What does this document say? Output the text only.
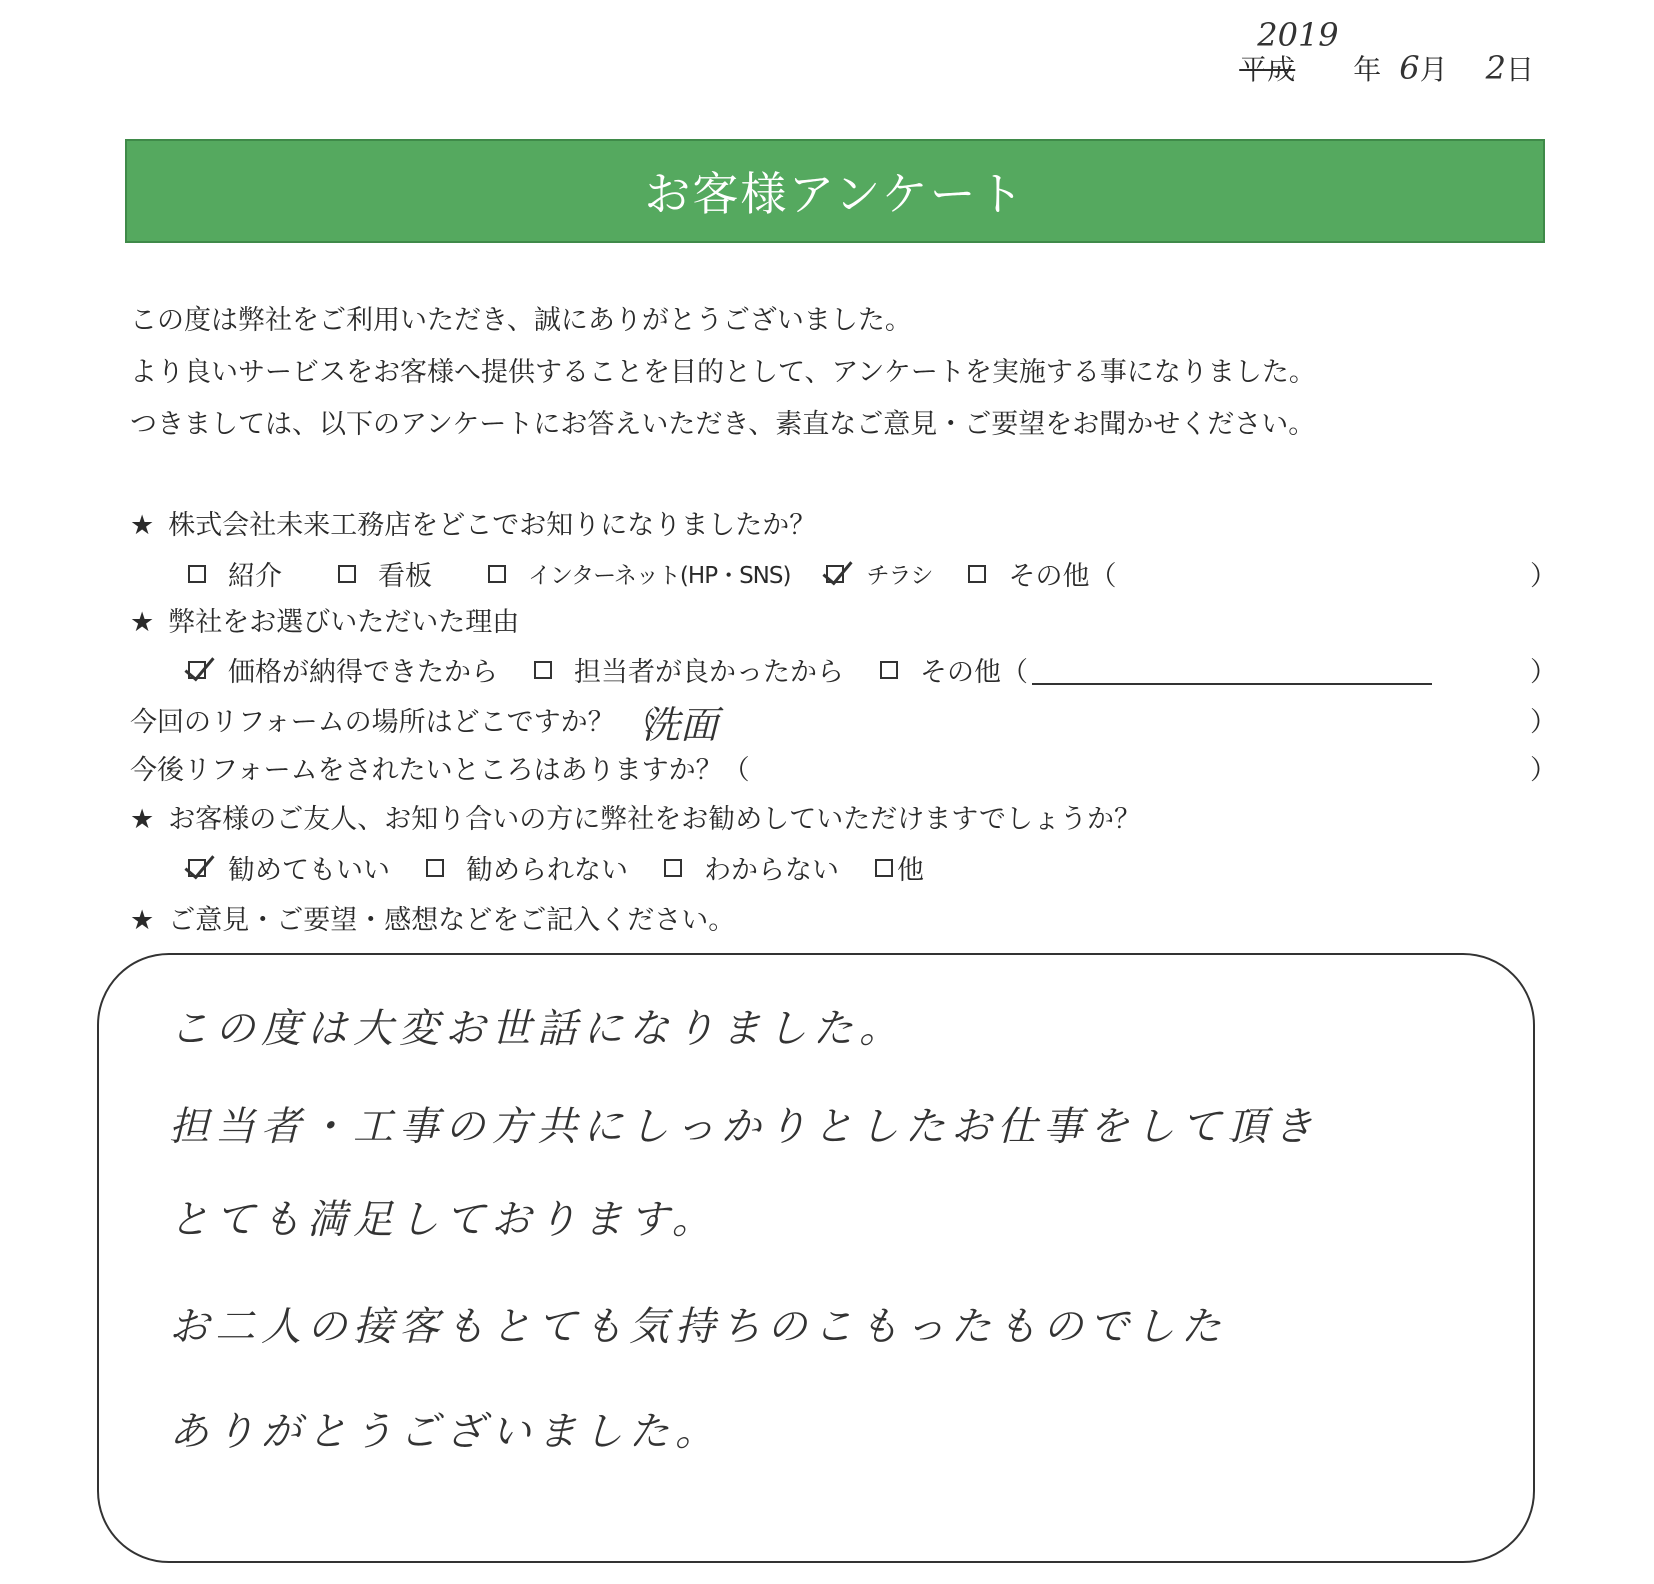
平成
2019
年 6 月 2 日
お客様アンケート
この度は弊社をご利用いただき、誠にありがとうございました。
より良いサービスをお客様へ提供することを目的として、アンケートを実施する事になりました。
つきましては、以下のアンケートにお答えいただき、素直なご意見・ご要望をお聞かせください。
★ 株式会社未来工務店をどこでお知りになりましたか？
紹介	看板	インターネット(HP・SNS)	チラシ	その他（	）
★ 弊社をお選びいただいた理由
価格が納得できたから	担当者が良かったから	その他（	）
今回のリフォームの場所はどこですか？　（
洗面	）
今後リフォームをされたいところはありますか？（	）
★ お客様のご友人、お知り合いの方に弊社をお勧めしていただけますでしょうか？
勧めてもいい	勧められない	わからない 他
★ ご意見・ご要望・感想などをご記入ください。
この度は大変お世話になりました。
担当者・工事の方共にしっかりとしたお仕事をして頂き
とても満足しております。
お二人の接客もとても気持ちのこもったものでした
ありがとうございました。
